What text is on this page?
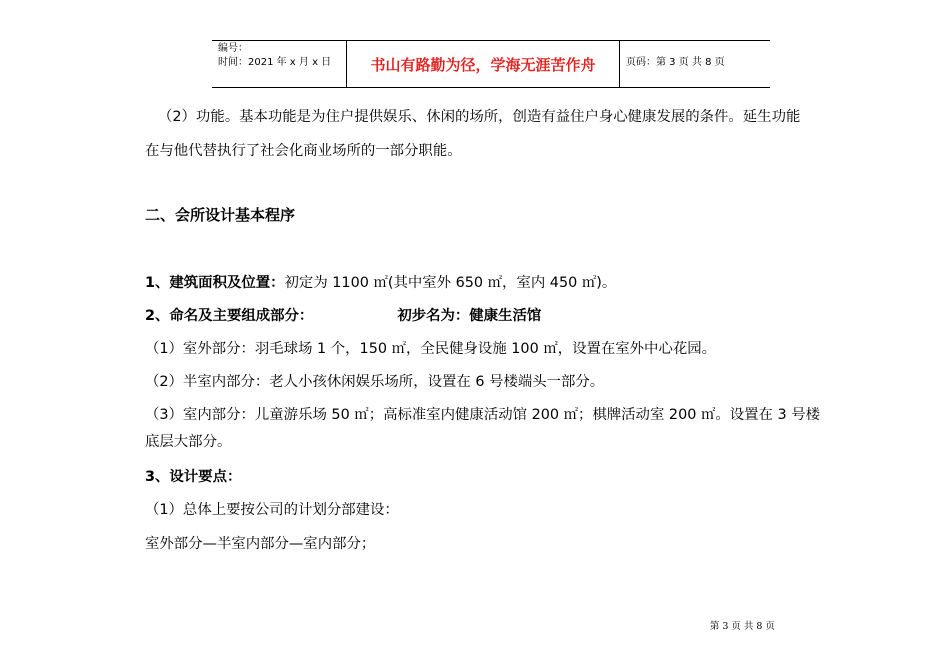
编号：
时间：2021 年 x 月 x 日	书山有路勤为径，学海无涯苦作舟	页码：第 3 页 共 8 页
（2）功能。基本功能是为住户提供娱乐、休闲的场所，创造有益住户身心健康发展的条件。延生功能
在与他代替执行了社会化商业场所的一部分职能。
二、会所设计基本程序
1、建筑面积及位置：初定为 1100 ㎡(其中室外 650 ㎡，室内 450 ㎡)。
2、命名及主要组成部分：	初步名为：健康生活馆
（1）室外部分：羽毛球场 1 个，150 ㎡，全民健身设施 100 ㎡，设置在室外中心花园。
（2）半室内部分：老人小孩休闲娱乐场所，设置在 6 号楼端头一部分。
（3）室内部分：儿童游乐场 50 ㎡；高标准室内健康活动馆 200 ㎡；棋牌活动室 200 ㎡。设置在 3 号楼
底层大部分。
3、设计要点：
（1）总体上要按公司的计划分部建设：
室外部分—半室内部分—室内部分；
第 3 页 共 8 页
